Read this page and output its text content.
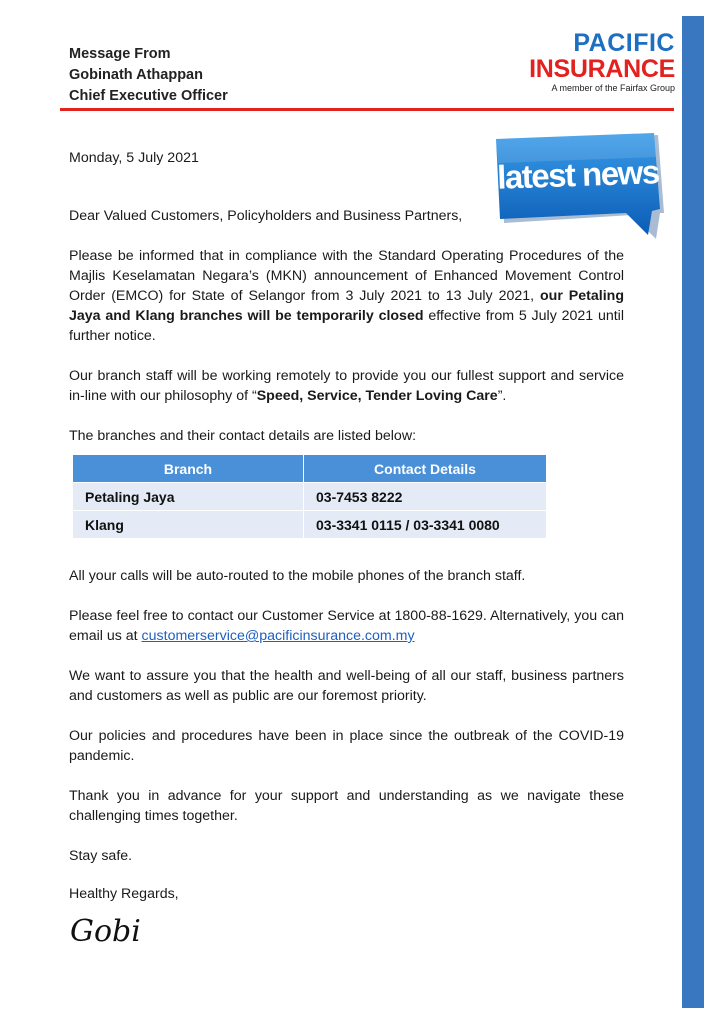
Message From
Gobinath Athappan
Chief Executive Officer
PACIFIC
INSURANCE
A member of the Fairfax Group
latest news
Monday, 5 July 2021
Dear Valued Customers, Policyholders and Business Partners,
Please be informed that in compliance with the Standard Operating Procedures of the Majlis Keselamatan Negara’s (MKN) announcement of Enhanced Movement Control Order (EMCO) for State of Selangor from 3 July 2021 to 13 July 2021, our Petaling Jaya and Klang branches will be temporarily closed effective from 5 July 2021 until further notice.
Our branch staff will be working remotely to provide you our fullest support and service in-line with our philosophy of “Speed, Service, Tender Loving Care”.
The branches and their contact details are listed below:
Branch	Contact Details
Petaling Jaya	03-7453 8222
Klang	03-3341 0115 / 03-3341 0080
All your calls will be auto-routed to the mobile phones of the branch staff.
Please feel free to contact our Customer Service at 1800-88-1629. Alternatively, you can email us at customerservice@pacificinsurance.com.my
We want to assure you that the health and well-being of all our staff, business partners and customers as well as public are our foremost priority.
Our policies and procedures have been in place since the outbreak of the COVID-19 pandemic.
Thank you in advance for your support and understanding as we navigate these challenging times together.
Stay safe.
Healthy Regards,
Gobi
